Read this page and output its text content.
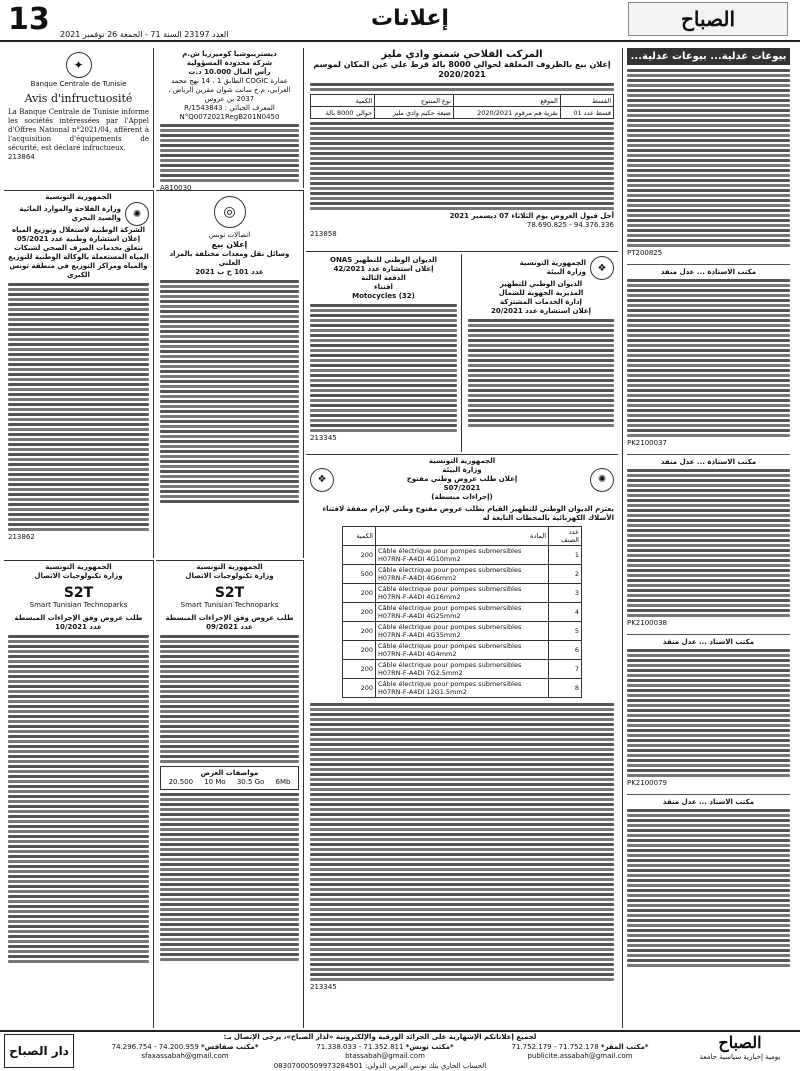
13 العدد 23197 السنة 71 - الجمعة 26 نوفمبر 2021
إعلانات	الصباح
بيوعات عدلية... بيوعات عدلية...
PT200825
مكتب الاستاذة ... عدل منفذ
PK2100037
مكتب الاستاذة ... عدل منفذ
PK2100038
مكتب الاستاذ ... عدل منفذ
PK2100079
مكتب الاستاذ ... عدل منفذ
المركب الفلاحي شمتو وادي مليز
إعلان بيع بالظروف المغلقة لحوالي 8000 بالة قرط علي عين المكان لموسم 2020/2021
القسط	الموقع	نوع المنتوج	الكمية
قسط عدد 01	بقرية هم مرقوم 2020/2021	ضيعة حكيم وادي مليز	حوالي 8000 بالة
أجل قبول العروض يوم الثلاثاء 07 ديسمبر 2021
78.690.825 - 94.376.336
213858
✦
Banque Centrale de Tunisie
Avis d'infructuosité
La Banque Centrale de Tunisie informe les sociétés intéressées par l'Appel d'Offres National n°2021/04, afférent à l'acquisition d'équipements de sécurité, est déclaré infructueux.
213864
ديستريبوشيا كوميرزيا ش.م
شركة محدودة المسؤولية
رأس المال 10.000 د.ت
عمارة COGIC الطابق 1 ، 14 نهج محمد الغرابي، م.ح سانت شوان مقرين الرياض ، 2037 بن عروس
المعرف الجبائي : 1543843/R
N°Q0072021RegB201N0450
A810030
الجمهورية التونسية
✺
وزارة الفلاحة والموارد المائية والصيد البحري
الشركة الوطنية لاستغلال وتوزيع المياه
إعلان استشارة وطنية عدد 05/2021
تتعلق بخدمات الصرف الصحي لشبكات المياه المستعملة بالوكالة الوطنية للتوزيع والمياه ومراكز التوزيع في منطقة تونس الكبرى
213862
◎
اتصالات تونس
إعلان بيع
وسائل نقل ومعدات مختلفة بالمزاد العلني
عدد 101 ح ب 2021
الديوان الوطني للتطهير ONAS
إعلان استشارة عدد 42/2021
الدفعة الثالثة
اقتناء
Motocycles (32)
213345
❖
الجمهورية التونسية
وزارة البيئة
الديوان الوطني للتطهير
المديرية الجهوية للشمال
إدارة الخدمات المشتركة
إعلان استشارة عدد 20/2021
✺
الجمهورية التونسية
وزارة البيئة
إعلان طلب عروض وطني مفتوح
S07/2021
(إجراءات مبسطة)
❖
يعتزم الديوان الوطني للتطهير القيام بطلب عروض مفتوح وطني لإبرام صفقة لاقتناء الأسلاك الكهربائية بالمحطات التابعة له
عدد الصنف	المادة	الكمية
1	Câble électrique pour pompes submersibles H07RN-F-A4DI 4G10mm2	200
2	Câble électrique pour pompes submersibles H07RN-F-A4DI 4G6mm2	500
3	Câble électrique pour pompes submersibles H07RN-F-A4DI 4G16mm2	200
4	Câble électrique pour pompes submersibles H07RN-F-A4DI 4G25mm2	200
5	Câble électrique pour pompes submersibles H07RN-F-A4DI 4G35mm2	200
6	Câble électrique pour pompes submersibles H07RN-F-A4DI 4G4mm2	200
7	Câble électrique pour pompes submersibles H07RN-F-A4DI 7G2.5mm2	200
8	Câble électrique pour pompes submersibles H07RN-F-A4DI 12G1.5mm2	200
213345
الجمهورية التونسية
وزارة تكنولوجيات الاتصال
S2T
Smart Tunisian Technoparks
طلب عروض وفق الإجراءات المبسطة عدد 10/2021
الجمهورية التونسية
وزارة تكنولوجيات الاتصال
S2T
Smart Tunisian Technoparks
طلب عروض وفق الإجراءات المبسطة عدد 09/2021
مواصفات العرض
20.500 10 Mo 30.5 Go 6Mb
دار الصباح
لجميع إعلاناتكم الإشهارية على الجرائد الورقية والإلكترونية «لدار الصباح»، يرجى الإتصال بـ:
*مكتب المقر* 71.752.179 - 71.752.178
publicite.assabah@gmail.com
*مكتب تونس* 71.338.033 - 71.352.811
btassabah@gmail.com
*مكتب صفاقس* 74.296.754 - 74.200.959
sfaxassabah@gmail.com
الحساب الجاري بنك تونس العربي الدولي: 08307000509973284501
الصباح
يومية إخبارية سياسية جامعة
